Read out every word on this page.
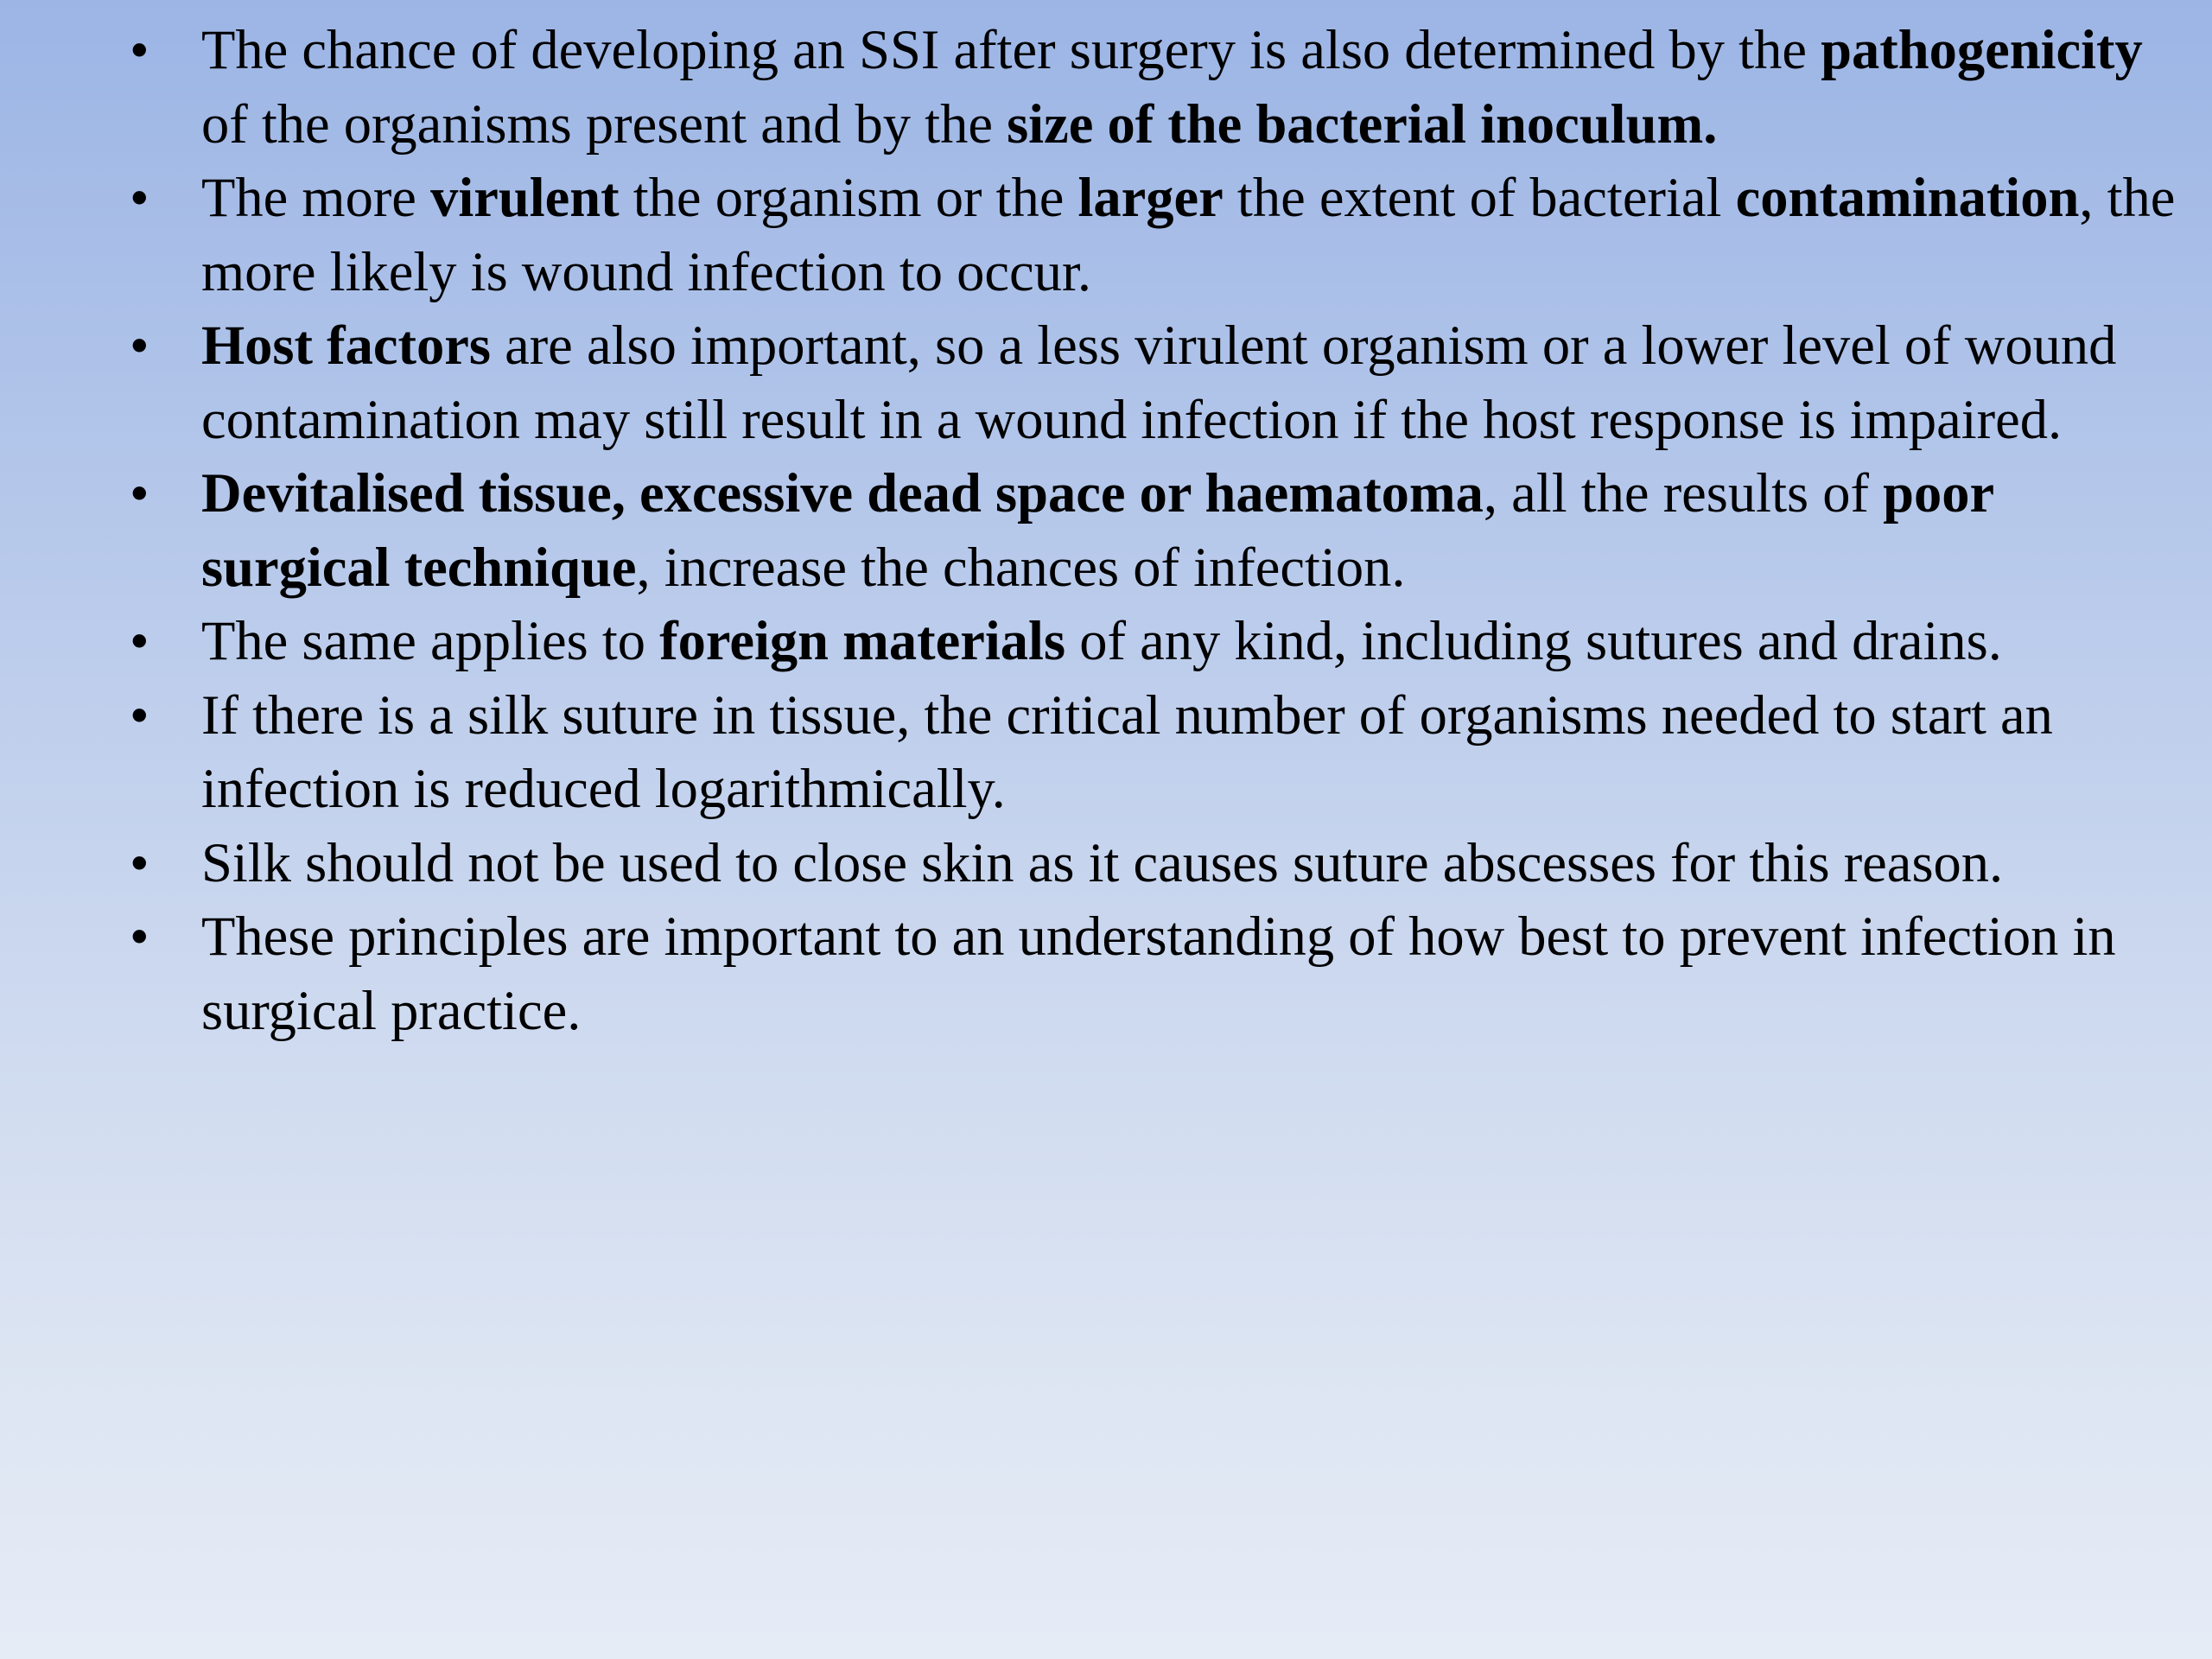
• The chance of developing an SSI after surgery is also determined by the pathogenicity of the organisms present and by the size of the bacterial inoculum.
• The more virulent the organism or the larger the extent of bacterial contamination, the more likely is wound infection to occur.
• Host factors are also important, so a less virulent organism or a lower level of wound contamination may still result in a wound infection if the host response is impaired.
• Devitalised tissue, excessive dead space or haematoma, all the results of poor surgical technique, increase the chances of infection.
• The same applies to foreign materials of any kind, including sutures and drains.
• If there is a silk suture in tissue, the critical number of organisms needed to start an infection is reduced logarithmically.
• Silk should not be used to close skin as it causes suture abscesses for this reason.
• These principles are important to an understanding of how best to prevent infection in surgical practice.
